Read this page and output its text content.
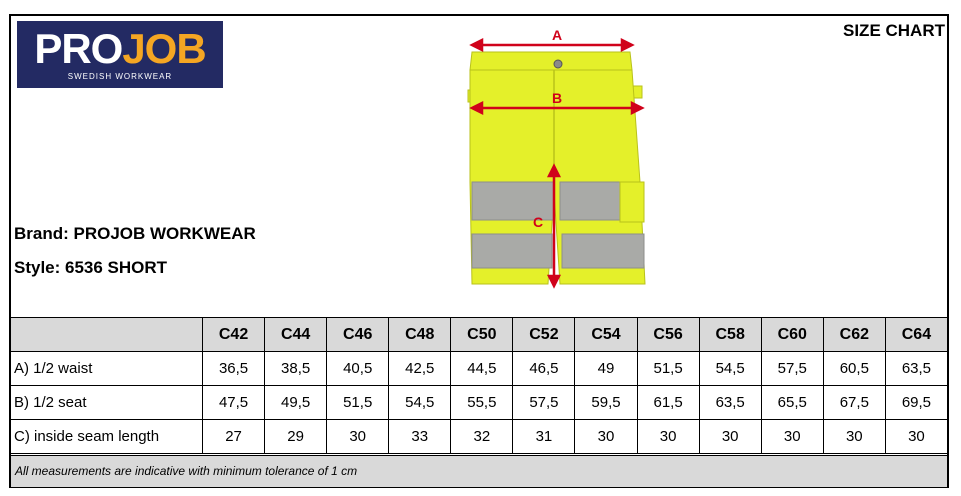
PROJOB
SWEDISH WORKWEAR
SIZE CHART
Brand: PROJOB WORKWEAR
Style: 6536 SHORT
A
B
C
	C42	C44	C46	C48	C50	C52	C54	C56	C58	C60	C62	C64
A) 1/2 waist	36,5	38,5	40,5	42,5	44,5	46,5	49	51,5	54,5	57,5	60,5	63,5
B) 1/2 seat	47,5	49,5	51,5	54,5	55,5	57,5	59,5	61,5	63,5	65,5	67,5	69,5
C) inside seam length	27	29	30	33	32	31	30	30	30	30	30	30
All measurements are indicative with minimum tolerance of 1 cm
